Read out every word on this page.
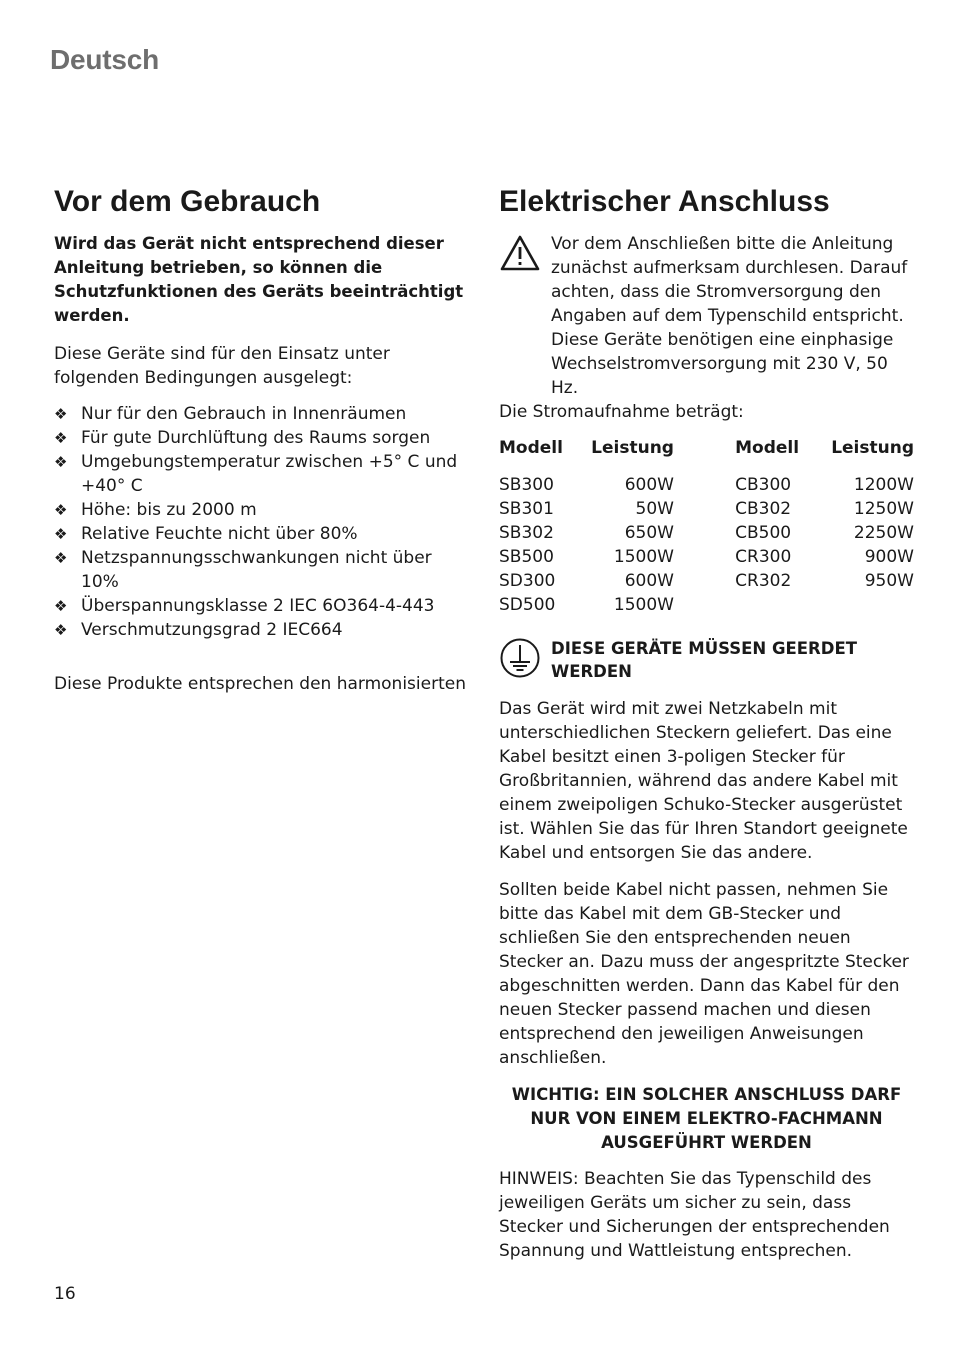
Deutsch
Vor dem Gebrauch

Wird das Gerät nicht entsprechend dieser Anleitung betrieben, so können die Schutzfunktionen des Geräts beeinträchtigt werden.

Diese Geräte sind für den Einsatz unter folgenden Bedingungen ausgelegt:

❖ Nur für den Gebrauch in Innenräumen
❖ Für gute Durchlüftung des Raums sorgen
❖ Umgebungstemperatur zwischen +5° C und +40° C
❖ Höhe: bis zu 2000 m
❖ Relative Feuchte nicht über 80%
❖ Netzspannungsschwankungen nicht über 10%
❖ Überspannungsklasse 2 IEC 6O364-4-443
❖ Verschmutzungsgrad 2 IEC664

Diese Produkte entsprechen den harmonisierten

Elektrischer Anschluss

Vor dem Anschließen bitte die Anleitung zunächst aufmerksam durchlesen. Darauf achten, dass die Stromversorgung den Angaben auf dem Typenschild entspricht. Diese Geräte benötigen eine einphasige Wechselstromversorgung mit 230 V, 50 Hz.

Die Stromaufnahme beträgt:

Modell	Leistung		Modell	Leistung
SB300	600W		CB300	1200W
SB301	50W		CB302	1250W
SB302	650W		CB500	2250W
SB500	1500W		CR300	900W
SD300	600W		CR302	950W
SD500	1500W			

DIESE GERÄTE MÜSSEN GEERDET WERDEN

Das Gerät wird mit zwei Netzkabeln mit unterschiedlichen Steckern geliefert. Das eine Kabel besitzt einen 3-poligen Stecker für Großbritannien, während das andere Kabel mit einem zweipoligen Schuko-Stecker ausgerüstet ist. Wählen Sie das für Ihren Standort geeignete Kabel und entsorgen Sie das andere.

Sollten beide Kabel nicht passen, nehmen Sie bitte das Kabel mit dem GB-Stecker und schließen Sie den entsprechenden neuen Stecker an. Dazu muss der angespritzte Stecker abgeschnitten werden. Dann das Kabel für den neuen Stecker passend machen und diesen entsprechend den jeweiligen Anweisungen anschließen.

WICHTIG: EIN SOLCHER ANSCHLUSS DARF NUR VON EINEM ELEKTRO-FACHMANN AUSGEFÜHRT WERDEN

HINWEIS: Beachten Sie das Typenschild des jeweiligen Geräts um sicher zu sein, dass Stecker und Sicherungen der entsprechenden Spannung und Wattleistung entsprechen.

16
